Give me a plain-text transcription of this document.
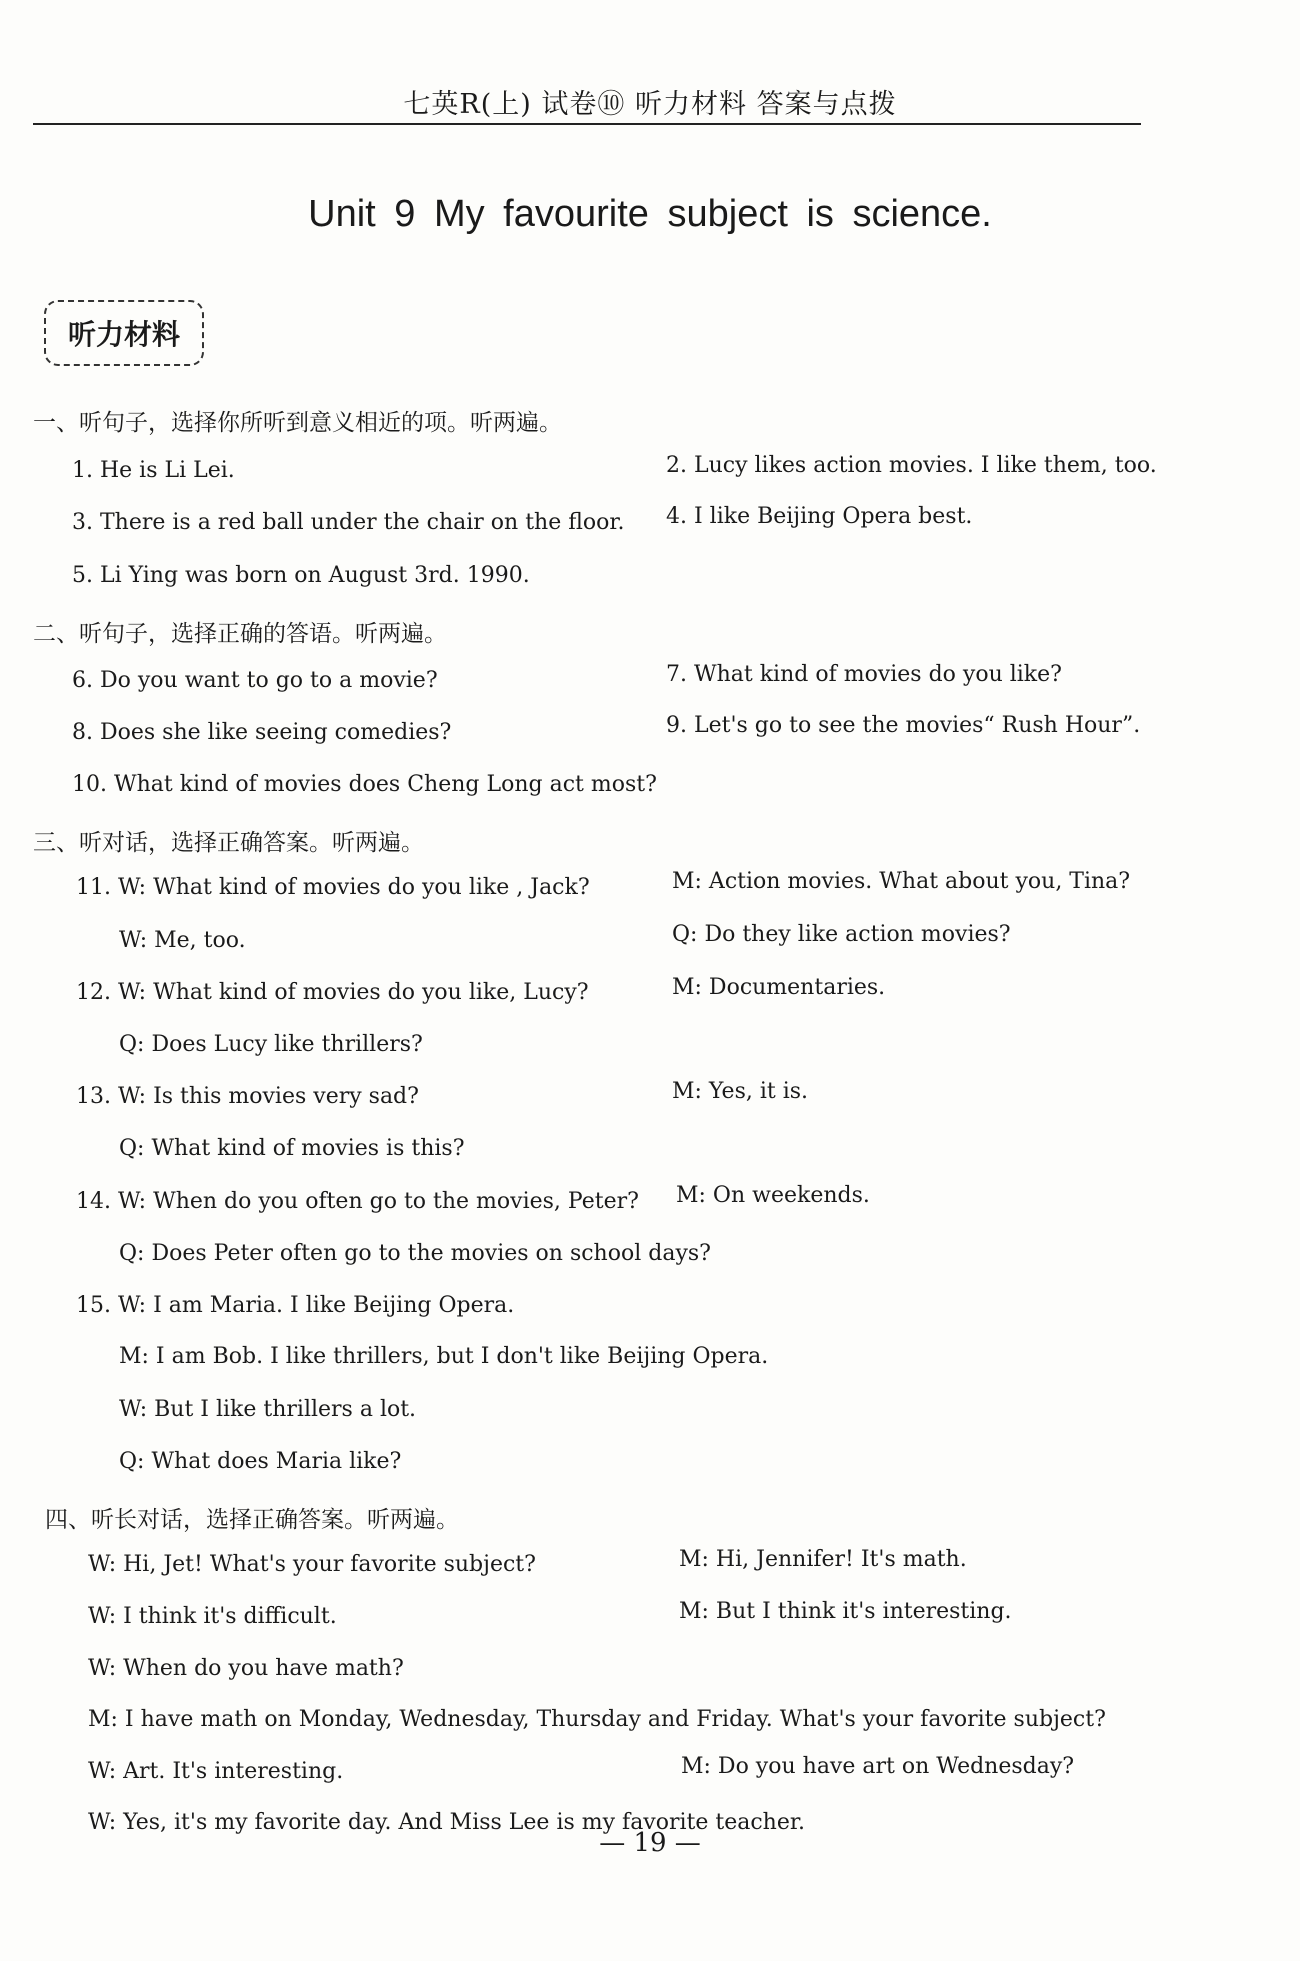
七英R(上) 试卷⑩ 听力材料 答案与点拨
Unit 9 My favourite subject is science.
听力材料
一、听句子，选择你所听到意义相近的项。听两遍。
1. He is Li Lei.	2. Lucy likes action movies. I like them, too.
3. There is a red ball under the chair on the floor. 4. I like Beijing Opera best.
5. Li Ying was born on August 3rd. 1990.
二、听句子，选择正确的答语。听两遍。
6. Do you want to go to a movie?	7. What kind of movies do you like?
8. Does she like seeing comedies?	9. Let's go to see the movies“ Rush Hour”.
10. What kind of movies does Cheng Long act most?
三、听对话，选择正确答案。听两遍。
11. W: What kind of movies do you like , Jack?	M: Action movies. What about you, Tina?
W: Me, too.	Q: Do they like action movies?
12. W: What kind of movies do you like, Lucy?	M: Documentaries.
Q: Does Lucy like thrillers?
13. W: Is this movies very sad?	M: Yes, it is.
Q: What kind of movies is this?
14. W: When do you often go to the movies, Peter? M: On weekends.
Q: Does Peter often go to the movies on school days?
15. W: I am Maria. I like Beijing Opera.
M: I am Bob. I like thrillers, but I don't like Beijing Opera.
W: But I like thrillers a lot.
Q: What does Maria like?
四、听长对话，选择正确答案。听两遍。
W: Hi, Jet! What's your favorite subject?	M: Hi, Jennifer! It's math.
W: I think it's difficult.	M: But I think it's interesting.
W: When do you have math?
M: I have math on Monday, Wednesday, Thursday and Friday. What's your favorite subject?
W: Art. It's interesting.	M: Do you have art on Wednesday?
W: Yes, it's my favorite day. And Miss Lee is my favorite teacher.
— 19 —
